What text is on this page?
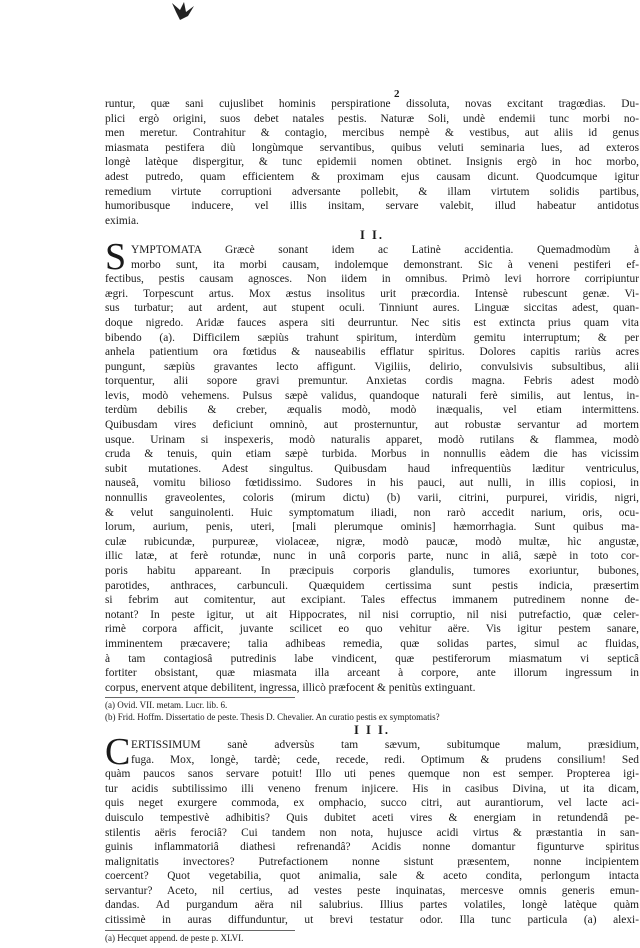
2
runtur, quæ sani cujuslibet hominis perspiratione dissoluta, novas excitant tragœdias. Du-
plici ergò origini, suos debet natales pestis. Naturæ Soli, undè endemii tunc morbi no-
men meretur. Contrahitur & contagio, mercibus nempè & vestibus, aut aliis id genus
miasmata pestifera diù longùmque servantibus, quibus veluti seminaria lues, ad exteros
longè latèque dispergitur, & tunc epidemii nomen obtinet. Insignis ergò in hoc morbo,
adest putredo, quam efficientem & proximam ejus causam dicunt. Quodcumque igitur
remedium virtute corruptioni adversante pollebit, & illam virtutem solidis partibus,
humoribusque inducere, vel illis insitam, servare valebit, illud habeatur antidotus
eximia.
I I.
S YMPTOMATA Græcè sonant idem ac Latinè accidentia. Quemadmodùm à
morbo sunt, ita morbi causam, indolemque demonstrant. Sic à veneni pestiferi ef-
fectibus, pestis causam agnosces. Non iidem in omnibus. Primò levi horrore corripiuntur
ægri. Torpescunt artus. Mox æstus insolitus urit præcordia. Intensè rubescunt genæ. Vi-
sus turbatur; aut ardent, aut stupent oculi. Tinniunt aures. Linguæ siccitas adest, quan-
doque nigredo. Aridæ fauces aspera siti deurruntur. Nec sitis est extincta prius quam vita
bibendo (a). Difficilem sæpiùs trahunt spiritum, interdùm gemitu interruptum; & per
anhela patientium ora fœtidus & nauseabilis efflatur spiritus. Dolores capitis rariùs acres
pungunt, sæpiùs gravantes lecto affigunt. Vigiliis, delirio, convulsivis subsultibus, alii
torquentur, alii sopore gravi premuntur. Anxietas cordis magna. Febris adest modò
levis, modò vehemens. Pulsus sæpè validus, quandoque naturali ferè similis, aut lentus, in-
terdùm debilis & creber, æqualis modò, modò inæqualis, vel etiam intermittens.
Quibusdam vires deficiunt omninò, aut prosternuntur, aut robustæ servantur ad mortem
usque. Urinam si inspexeris, modò naturalis apparet, modò rutilans & flammea, modò
cruda & tenuis, quin etiam sæpè turbida. Morbus in nonnullis eàdem die has vicissim
subit mutationes. Adest singultus. Quibusdam haud infrequentiùs læditur ventriculus,
nauseâ, vomitu bilioso fœtidissimo. Sudores in his pauci, aut nulli, in illis copiosi, in
nonnullis graveolentes, coloris (mirum dictu) (b) varii, citrini, purpurei, viridis, nigri,
& velut sanguinolenti. Huic symptomatum iliadi, non rarò accedit narium, oris, ocu-
lorum, aurium, penis, uteri, [mali plerumque ominis] hæmorrhagia. Sunt quibus ma-
culæ rubicundæ, purpureæ, violaceæ, nigræ, modò paucæ, modò multæ, hìc angustæ,
illic latæ, at ferè rotundæ, nunc in unâ corporis parte, nunc in aliâ, sæpè in toto cor-
poris habitu appareant. In præcipuis corporis glandulis, tumores exoriuntur, bubones,
parotides, anthraces, carbunculi. Quæquidem certissima sunt pestis indicia, præsertim
si febrim aut comitentur, aut excipiant. Tales effectus immanem putredinem nonne de-
notant? In peste igitur, ut ait Hippocrates, nil nisi corruptio, nil nisi putrefactio, quæ celer-
rimè corpora afficit, juvante scilicet eo quo vehitur aëre. Vis igitur pestem sanare,
imminentem præcavere; talia adhibeas remedia, quæ solidas partes, simul ac fluidas,
à tam contagiosâ putredinis labe vindicent, quæ pestiferorum miasmatum vi septicâ
fortiter obsistant, quæ miasmata illa arceant à corpore, ante illorum ingressum in
corpus, enervent atque debilitent, ingressa, illicò præfocent & penitùs extinguant.
(a) Ovid. VII. metam. Lucr. lib. 6.
(b) Frid. Hoffm. Dissertatio de peste. Thesis D. Chevalier. An curatio pestis ex symptomatis?
I I I.
C ERTISSIMUM sanè adversùs tam sævum, subitumque malum, præsidium,
fuga. Mox, longè, tardè; cede, recede, redi. Optimum & prudens consilium! Sed
quàm paucos sanos servare potuit! Illo uti penes quemque non est semper. Propterea igi-
tur acidis subtilissimo illi veneno frenum injicere. His in casibus Divina, ut ita dicam,
quis neget exurgere commoda, ex omphacio, succo citri, aut aurantiorum, vel lacte aci-
duisculo tempestivè adhibitis? Quis dubitet aceti vires & energiam in retundendâ pe-
stilentis aëris ferociâ? Cui tandem non nota, hujusce acidi virtus & præstantia in san-
guinis inflammatoriâ diathesi refrenandâ? Acidis nonne domantur figunturve spiritus
malignitatis invectores? Putrefactionem nonne sistunt præsentem, nonne incipientem
coercent? Quot vegetabilia, quot animalia, sale & aceto condita, perlongum intacta
servantur? Aceto, nil certius, ad vestes peste inquinatas, mercesve omnis generis emun-
dandas. Ad purgandum aëra nil salubrius. Illius partes volatiles, longè latèque quàm
citissimè in auras diffunduntur, ut brevi testatur odor. Illa tunc particula (a) alexi-
(a) Hecquet append. de peste p. XLVI.
